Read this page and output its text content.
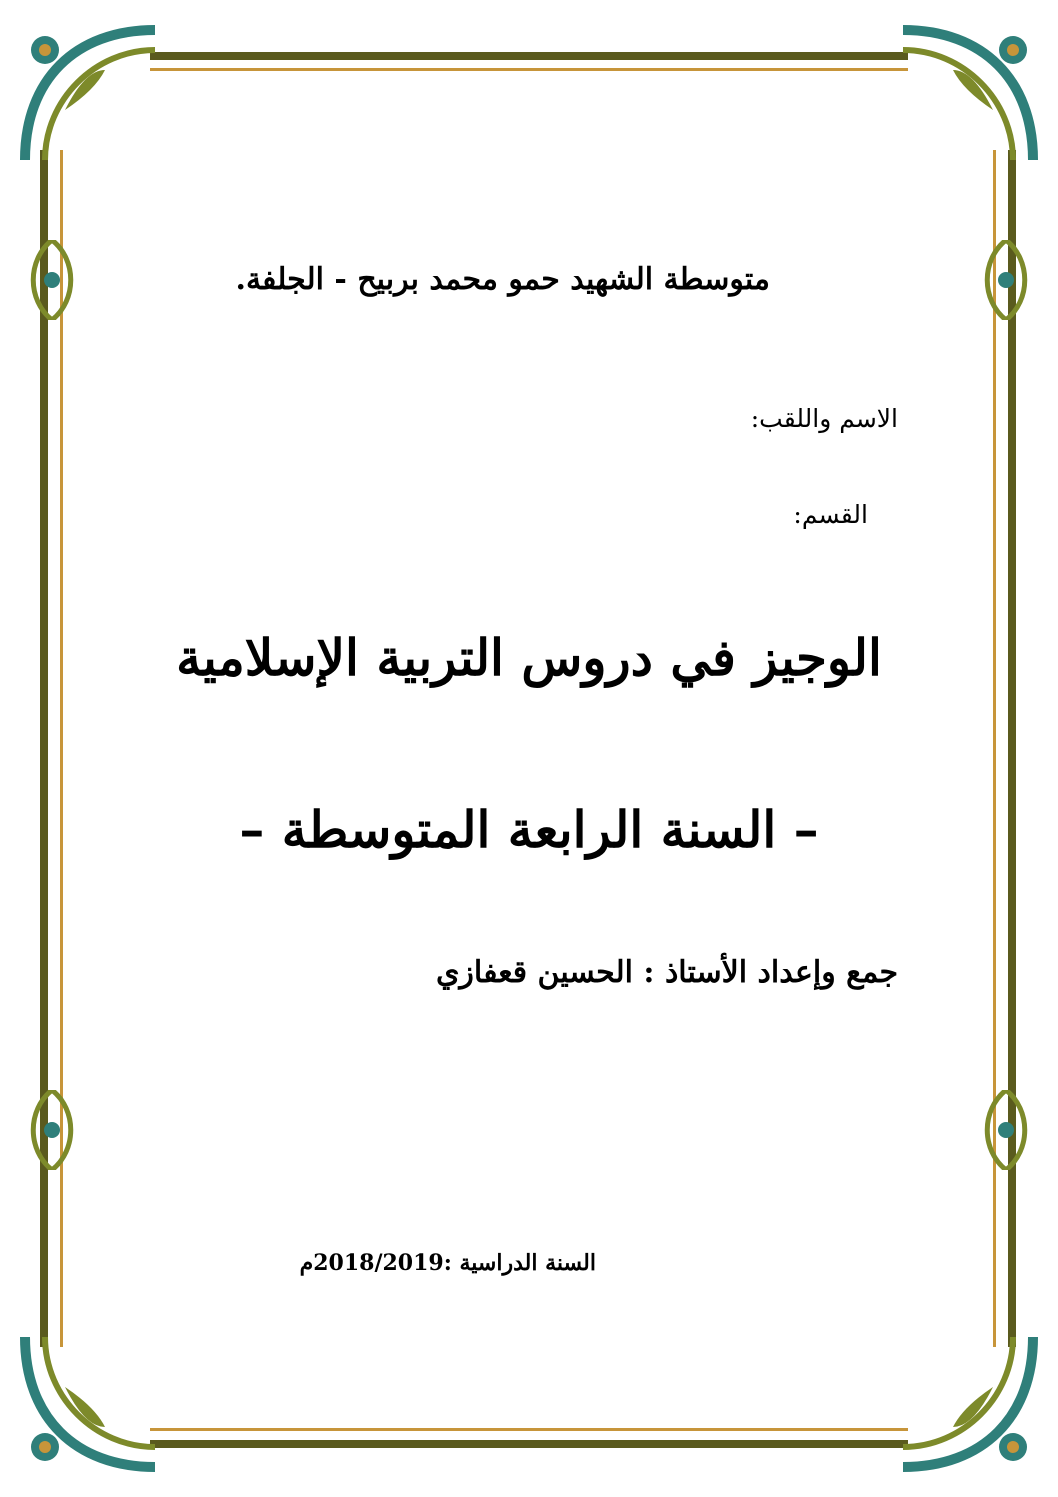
متوسطة الشهيد حمو محمد بربيح - الجلفة.
الاسم واللقب:
القسم:
الوجيز في دروس التربية الإسلامية
– السنة الرابعة المتوسطة –
جمع وإعداد الأستاذ : الحسين قعفازي
السنة الدراسية :2018/2019م
